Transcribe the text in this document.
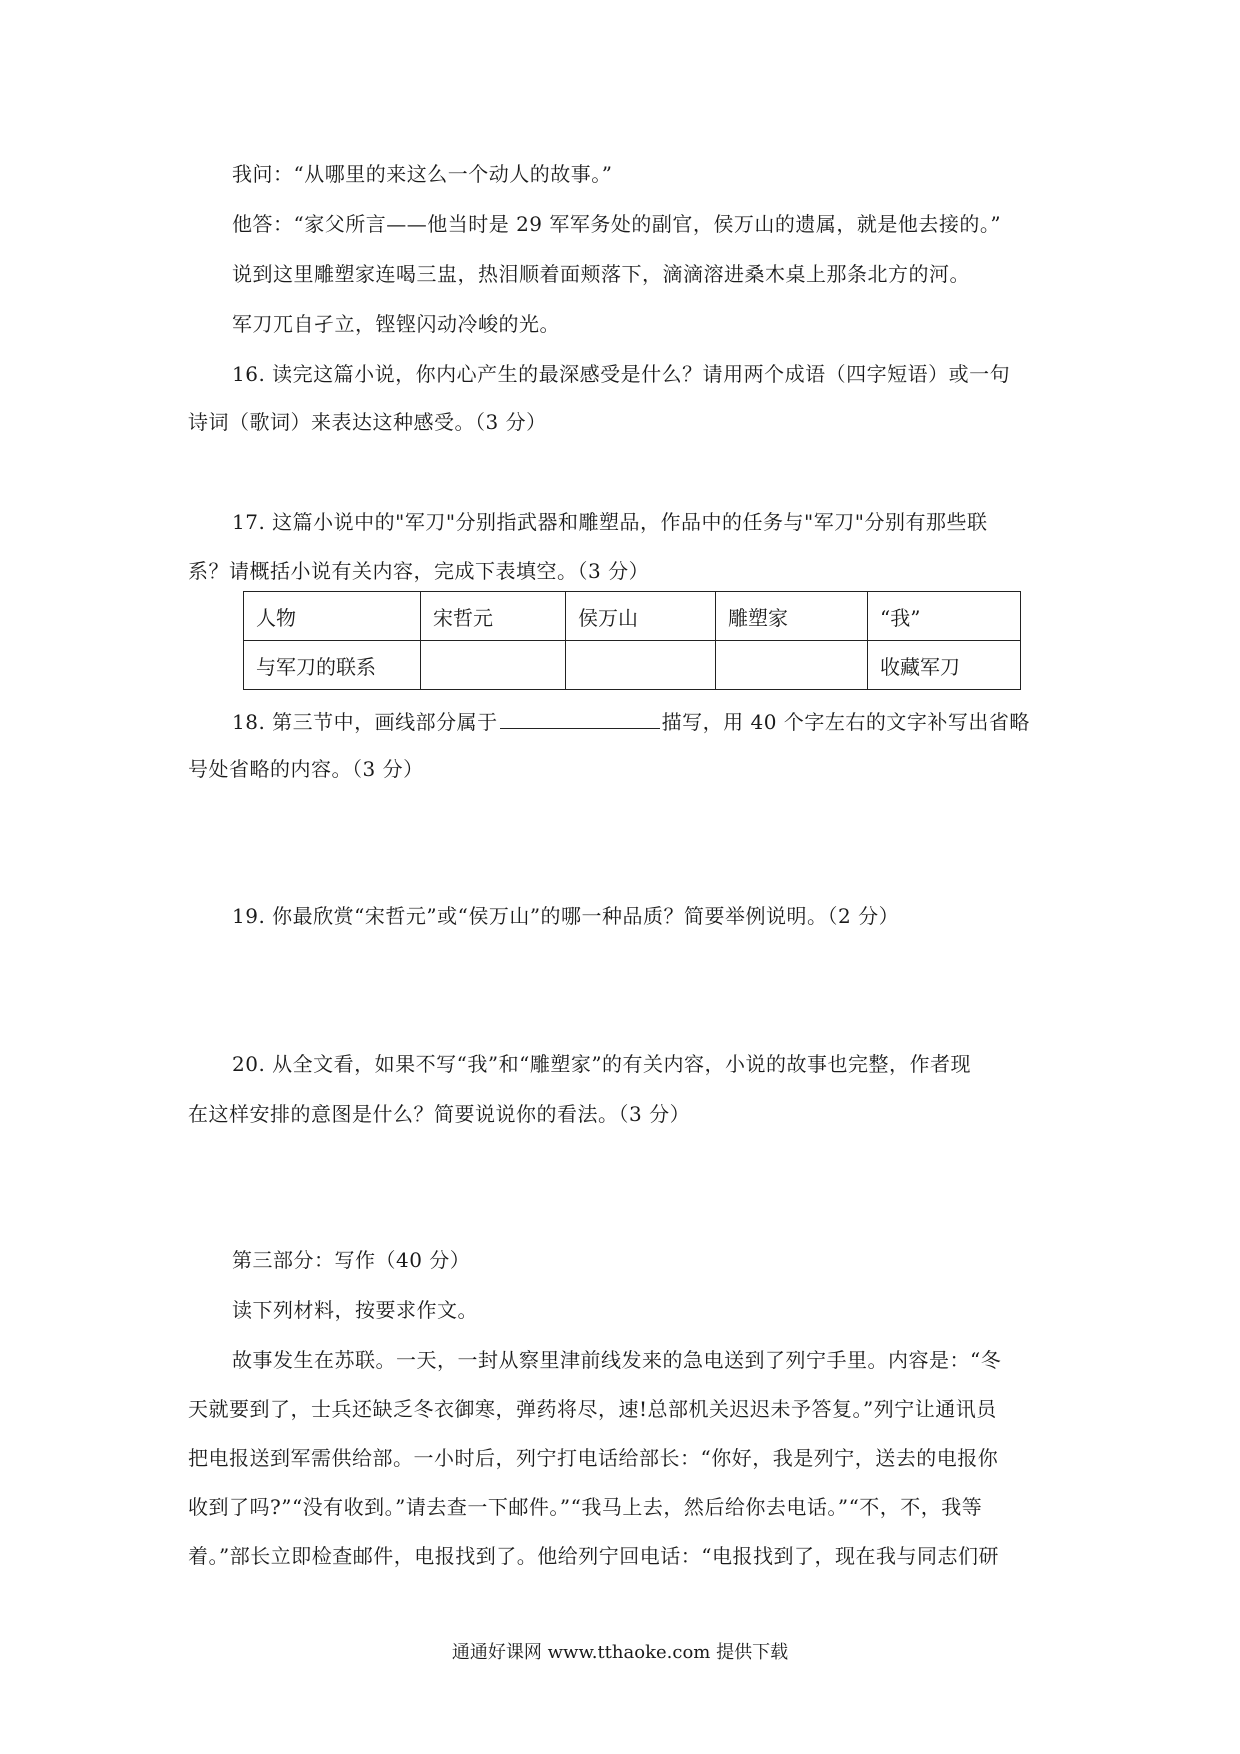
我问：“从哪里的来这么一个动人的故事。”
他答：“家父所言——他当时是 29 军军务处的副官，侯万山的遗属，就是他去接的。”
说到这里雕塑家连喝三盅，热泪顺着面颊落下，滴滴溶进桑木桌上那条北方的河。
军刀兀自孑立，铿铿闪动冷峻的光。
16. 读完这篇小说，你内心产生的最深感受是什么？请用两个成语（四字短语）或一句
诗词（歌词）来表达这种感受。（3 分）
17. 这篇小说中的"军刀"分别指武器和雕塑品，作品中的任务与"军刀"分别有那些联
系？请概括小说有关内容，完成下表填空。（3 分）
人物	宋哲元	侯万山	雕塑家	“我”
与军刀的联系				收藏军刀
18. 第三节中，画线部分属于	描写，用 40 个字左右的文字补写出省略
号处省略的内容。（3 分）
19. 你最欣赏“宋哲元”或“侯万山”的哪一种品质？简要举例说明。（2 分）
20. 从全文看，如果不写“我”和“雕塑家”的有关内容，小说的故事也完整，作者现
在这样安排的意图是什么？简要说说你的看法。（3 分）
第三部分：写作（40 分）
读下列材料，按要求作文。
故事发生在苏联。一天，一封从察里津前线发来的急电送到了列宁手里。内容是：“冬
天就要到了，士兵还缺乏冬衣御寒，弹药将尽，速!总部机关迟迟未予答复。”列宁让通讯员
把电报送到军需供给部。一小时后，列宁打电话给部长：“你好，我是列宁，送去的电报你
收到了吗?”“没有收到。”请去查一下邮件。”“我马上去，然后给你去电话。”“不，不，我等
着。”部长立即检查邮件，电报找到了。他给列宁回电话：“电报找到了，现在我与同志们研
通通好课网 www.tthaoke.com 提供下载
